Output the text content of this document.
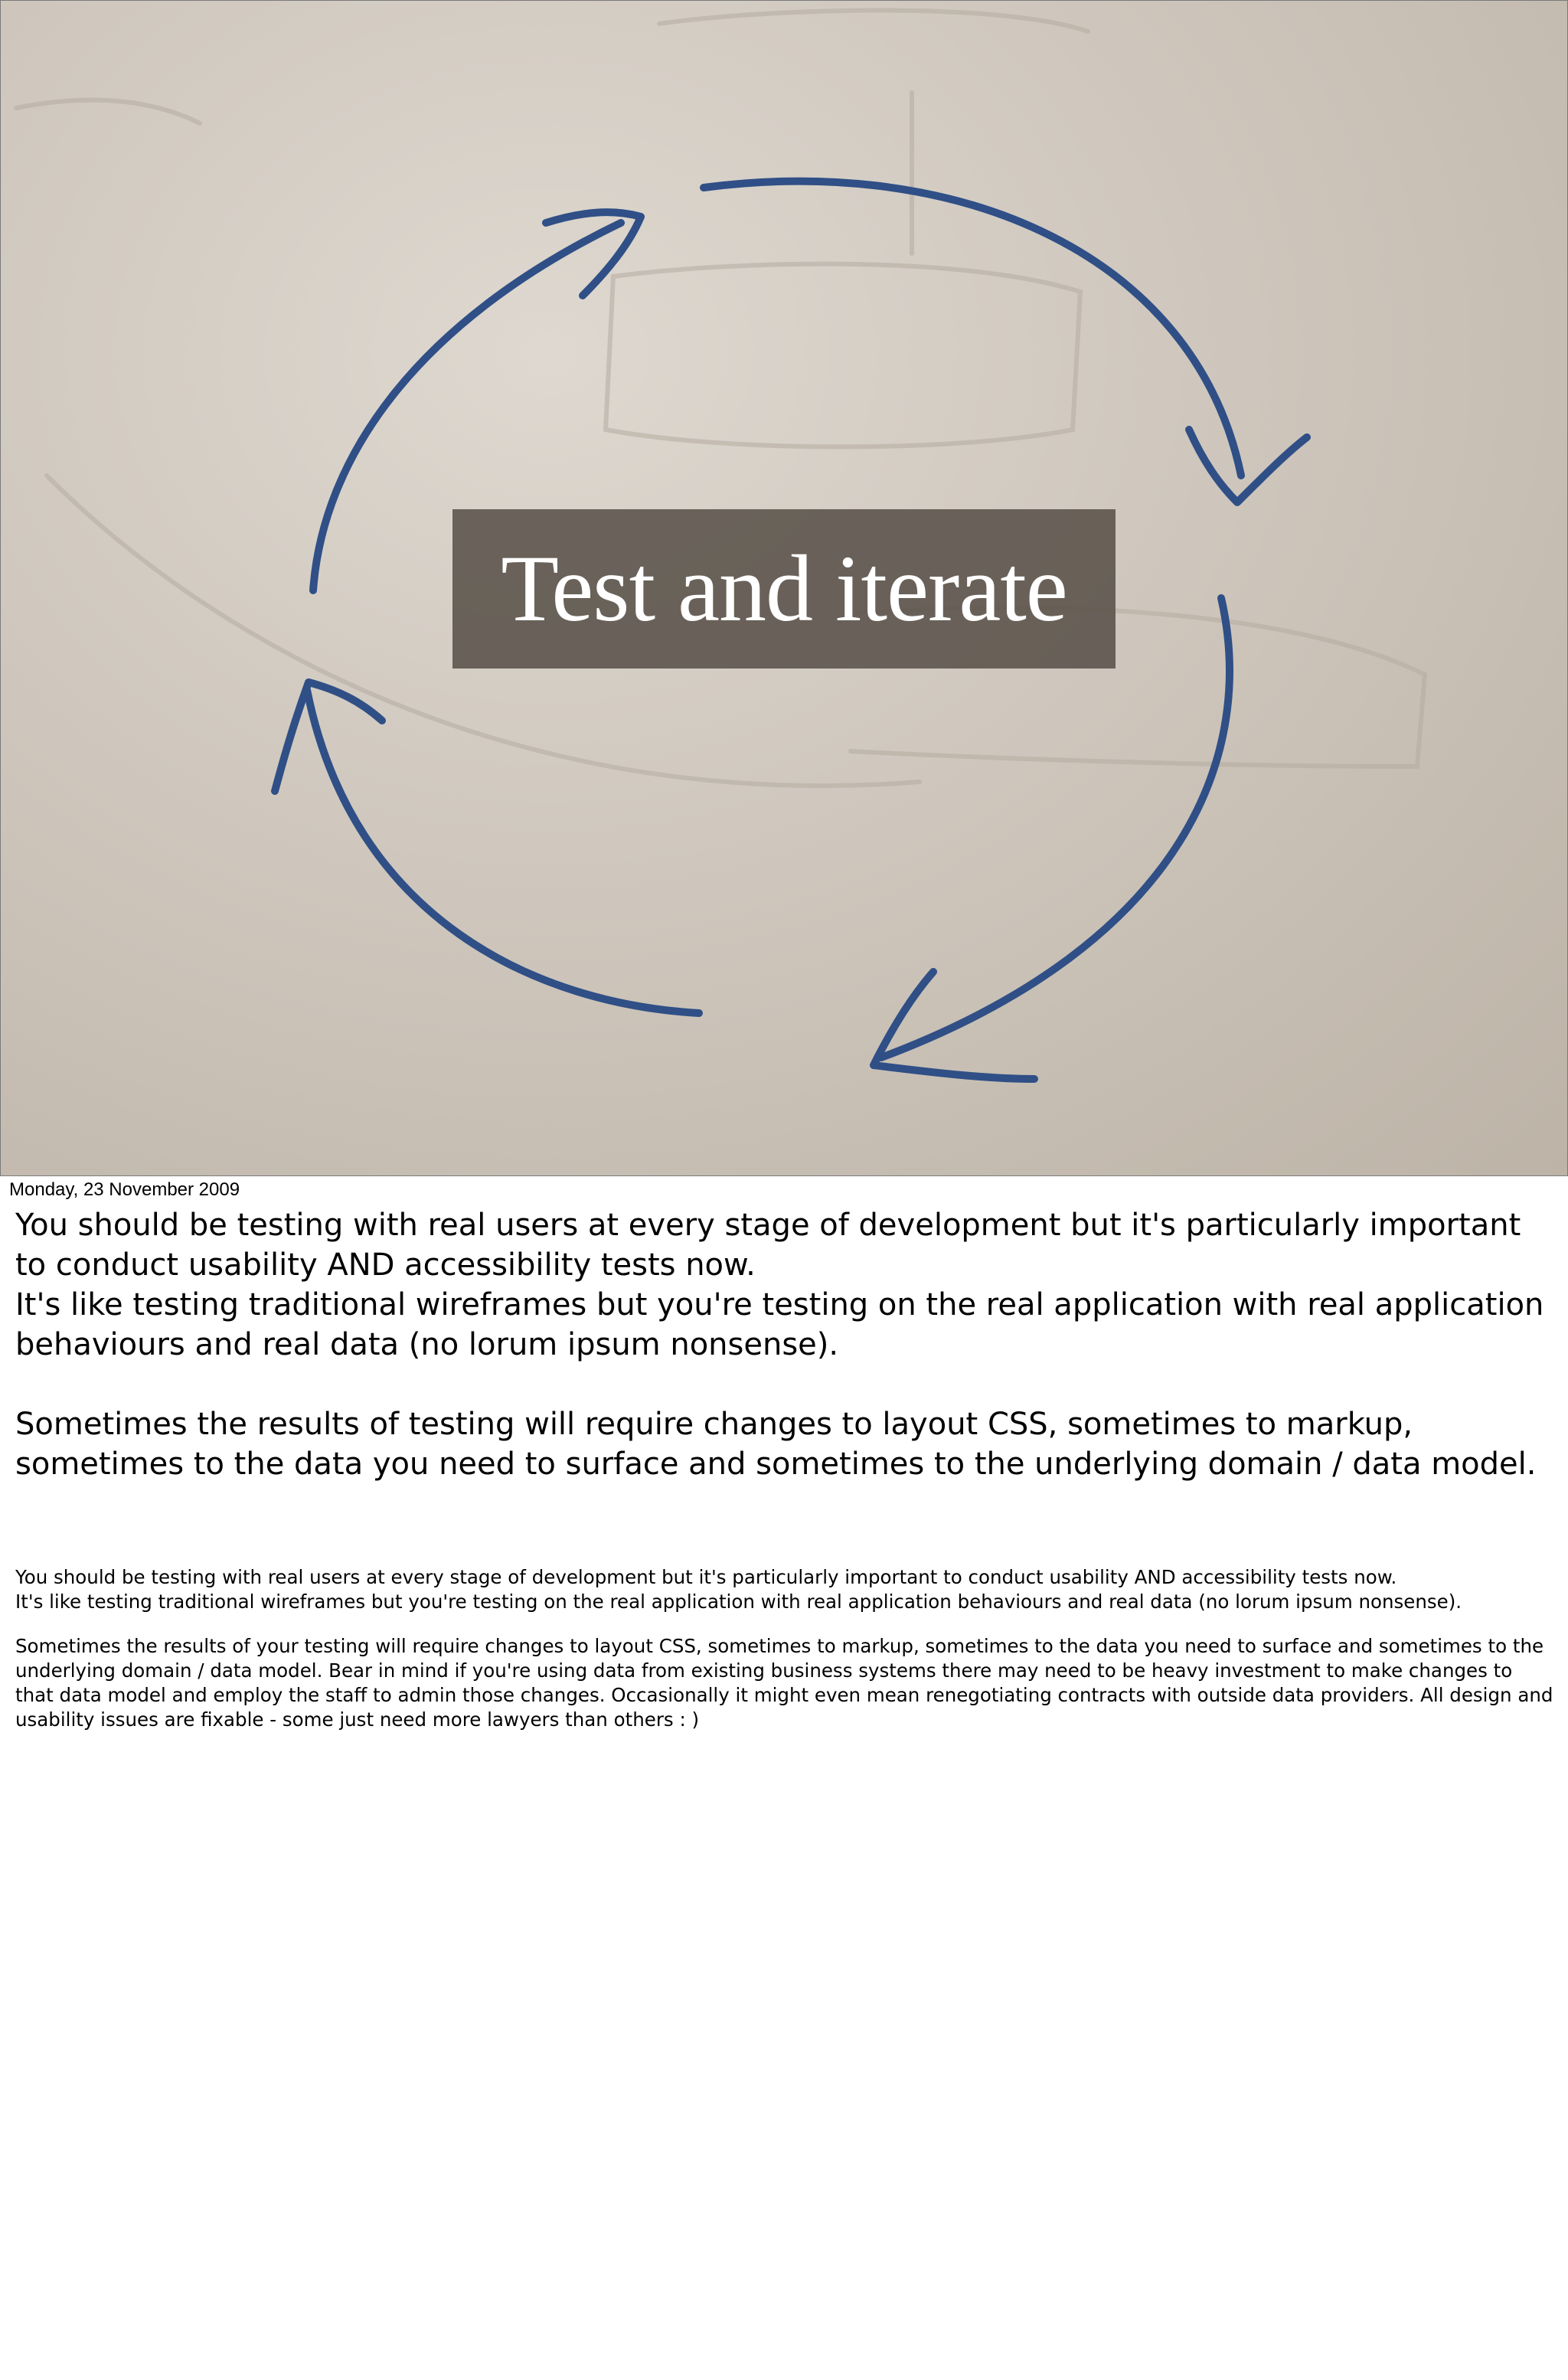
Test and iterate
Monday, 23 November 2009

You should be testing with real users at every stage of development but it's particularly important to conduct usability AND accessibility tests now.

It's like testing traditional wireframes but you're testing on the real application with real application behaviours and real data (no lorum ipsum nonsense).

Sometimes the results of testing will require changes to layout CSS, sometimes to markup, sometimes to the data you need to surface and sometimes to the underlying domain / data model.

You should be testing with real users at every stage of development but it's particularly important to conduct usability AND accessibility tests now.

It's like testing traditional wireframes but you're testing on the real application with real application behaviours and real data (no lorum ipsum nonsense).

Sometimes the results of your testing will require changes to layout CSS, sometimes to markup, sometimes to the data you need to surface and sometimes to the underlying domain / data model. Bear in mind if you're using data from existing business systems there may need to be heavy investment to make changes to that data model and employ the staff to admin those changes. Occasionally it might even mean renegotiating contracts with outside data providers. All design and usability issues are fixable - some just need more lawyers than others : )
